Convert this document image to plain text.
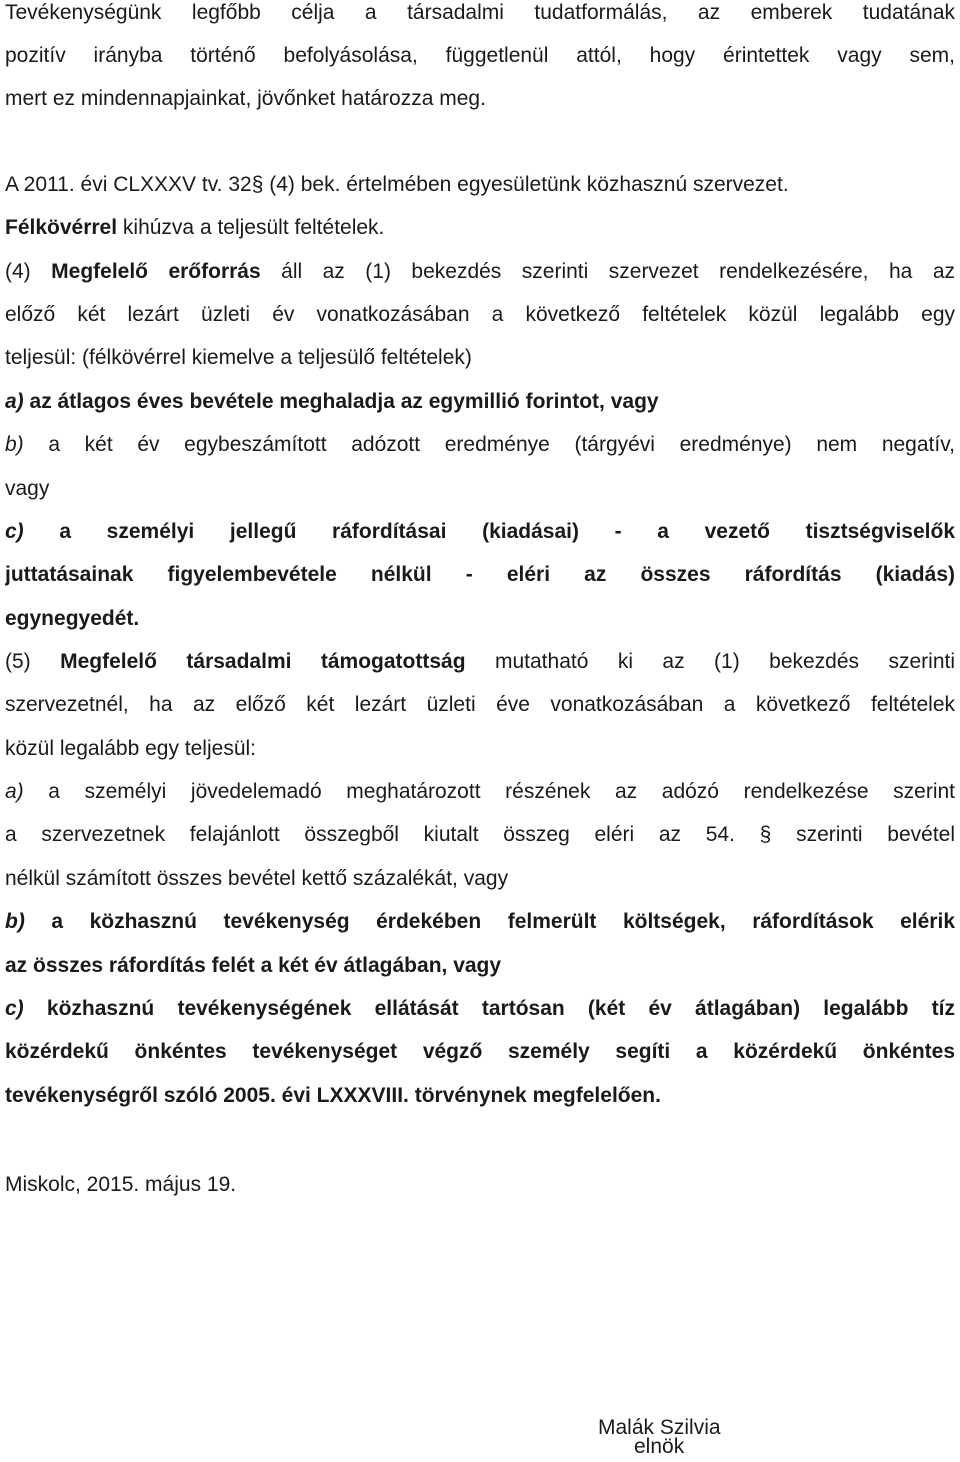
Tevékenységünk legfőbb célja a társadalmi tudatformálás, az emberek tudatának
pozitív irányba történő befolyásolása, függetlenül attól, hogy érintettek vagy sem,
mert ez mindennapjainkat, jövőnket határozza meg.
A 2011. évi CLXXXV tv. 32§ (4) bek. értelmében egyesületünk közhasznú szervezet.
Félkövérrel kihúzva a teljesült feltételek.
(4) Megfelelő erőforrás áll az (1) bekezdés szerinti szervezet rendelkezésére, ha az
előző két lezárt üzleti év vonatkozásában a következő feltételek közül legalább egy
teljesül: (félkövérrel kiemelve a teljesülő feltételek)
a) az átlagos éves bevétele meghaladja az egymillió forintot, vagy
b) a két év egybeszámított adózott eredménye (tárgyévi eredménye) nem negatív,
vagy
c) a személyi jellegű ráfordításai (kiadásai) - a vezető tisztségviselők
juttatásainak figyelembevétele nélkül - eléri az összes ráfordítás (kiadás)
egynegyedét.
(5) Megfelelő társadalmi támogatottság mutatható ki az (1) bekezdés szerinti
szervezetnél, ha az előző két lezárt üzleti éve vonatkozásában a következő feltételek
közül legalább egy teljesül:
a) a személyi jövedelemadó meghatározott részének az adózó rendelkezése szerint
a szervezetnek felajánlott összegből kiutalt összeg eléri az 54. § szerinti bevétel
nélkül számított összes bevétel kettő százalékát, vagy
b) a közhasznú tevékenység érdekében felmerült költségek, ráfordítások elérik
az összes ráfordítás felét a két év átlagában, vagy
c) közhasznú tevékenységének ellátását tartósan (két év átlagában) legalább tíz
közérdekű önkéntes tevékenységet végző személy segíti a közérdekű önkéntes
tevékenységről szóló 2005. évi LXXXVIII. törvénynek megfelelően.
Miskolc, 2015. május 19.
Malák Szilvia
elnök
